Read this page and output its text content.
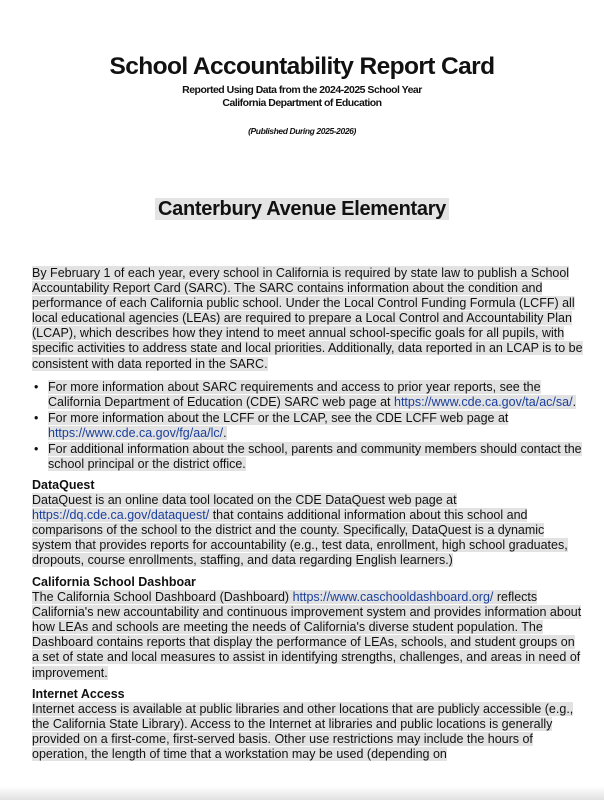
School Accountability Report Card
Reported Using Data from the 2024-2025 School Year
California Department of Education
(Published During 2025-2026)
Canterbury Avenue Elementary
By February 1 of each year, every school in California is required by state law to publish a School Accountability Report Card (SARC). The SARC contains information about the condition and performance of each California public school. Under the Local Control Funding Formula (LCFF) all local educational agencies (LEAs) are required to prepare a Local Control and Accountability Plan (LCAP), which describes how they intend to meet annual school-specific goals for all pupils, with specific activities to address state and local priorities. Additionally, data reported in an LCAP is to be consistent with data reported in the SARC.
• For more information about SARC requirements and access to prior year reports, see the California Department of Education (CDE) SARC web page at https://www.cde.ca.gov/ta/ac/sa/.
• For more information about the LCFF or the LCAP, see the CDE LCFF web page at https://www.cde.ca.gov/fg/aa/lc/.
• For additional information about the school, parents and community members should contact the school principal or the district office.
DataQuest
DataQuest is an online data tool located on the CDE DataQuest web page at https://dq.cde.ca.gov/dataquest/ that contains additional information about this school and comparisons of the school to the district and the county. Specifically, DataQuest is a dynamic system that provides reports for accountability (e.g., test data, enrollment, high school graduates, dropouts, course enrollments, staffing, and data regarding English learners.)
California School Dashboar
The California School Dashboard (Dashboard) https://www.caschooldashboard.org/ reflects California's new accountability and continuous improvement system and provides information about how LEAs and schools are meeting the needs of California's diverse student population. The Dashboard contains reports that display the performance of LEAs, schools, and student groups on a set of state and local measures to assist in identifying strengths, challenges, and areas in need of improvement.
Internet Access
Internet access is available at public libraries and other locations that are publicly accessible (e.g., the California State Library). Access to the Internet at libraries and public locations is generally provided on a first-come, first-served basis. Other use restrictions may include the hours of operation, the length of time that a workstation may be used (depending on
